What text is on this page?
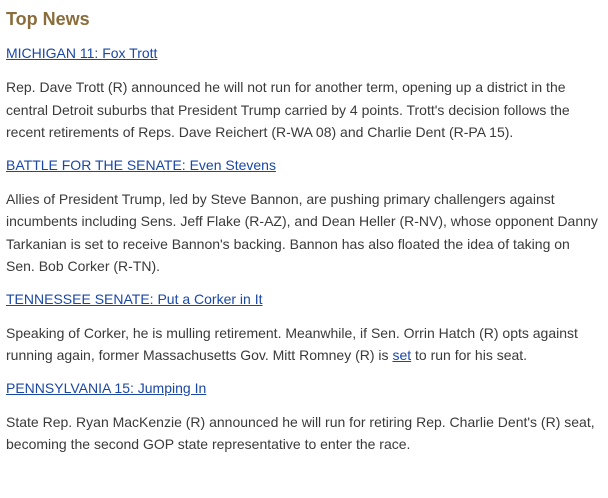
Top News
MICHIGAN 11: Fox Trott
Rep. Dave Trott (R) announced he will not run for another term, opening up a district in the central Detroit suburbs that President Trump carried by 4 points. Trott's decision follows the recent retirements of Reps. Dave Reichert (R-WA 08) and Charlie Dent (R-PA 15).
BATTLE FOR THE SENATE: Even Stevens
Allies of President Trump, led by Steve Bannon, are pushing primary challengers against incumbents including Sens. Jeff Flake (R-AZ), and Dean Heller (R-NV), whose opponent Danny Tarkanian is set to receive Bannon's backing. Bannon has also floated the idea of taking on Sen. Bob Corker (R-TN).
TENNESSEE SENATE: Put a Corker in It
Speaking of Corker, he is mulling retirement. Meanwhile, if Sen. Orrin Hatch (R) opts against running again, former Massachusetts Gov. Mitt Romney (R) is set to run for his seat.
PENNSYLVANIA 15: Jumping In
State Rep. Ryan MacKenzie (R) announced he will run for retiring Rep. Charlie Dent's (R) seat, becoming the second GOP state representative to enter the race.
